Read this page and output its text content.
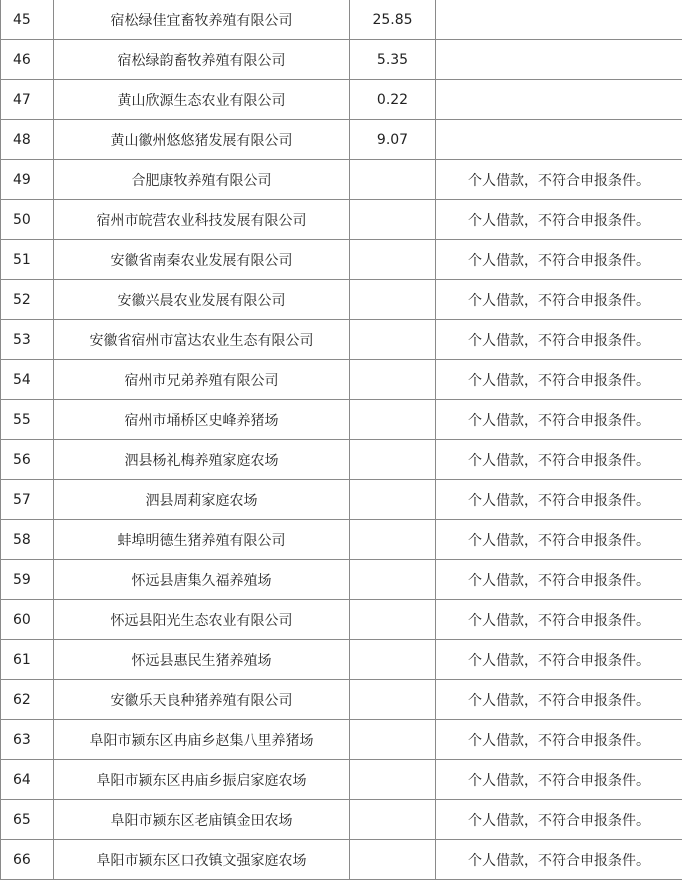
45	宿松绿佳宜畜牧养殖有限公司	25.85	
46	宿松绿韵畜牧养殖有限公司	5.35	
47	黄山欣源生态农业有限公司	0.22	
48	黄山徽州悠悠猪发展有限公司	9.07	
49	合肥康牧养殖有限公司		个人借款，不符合申报条件。
50	宿州市皖营农业科技发展有限公司		个人借款，不符合申报条件。
51	安徽省南秦农业发展有限公司		个人借款，不符合申报条件。
52	安徽兴晨农业发展有限公司		个人借款，不符合申报条件。
53	安徽省宿州市富达农业生态有限公司		个人借款，不符合申报条件。
54	宿州市兄弟养殖有限公司		个人借款，不符合申报条件。
55	宿州市埇桥区史峰养猪场		个人借款，不符合申报条件。
56	泗县杨礼梅养殖家庭农场		个人借款，不符合申报条件。
57	泗县周莉家庭农场		个人借款，不符合申报条件。
58	蚌埠明德生猪养殖有限公司		个人借款，不符合申报条件。
59	怀远县唐集久福养殖场		个人借款，不符合申报条件。
60	怀远县阳光生态农业有限公司		个人借款，不符合申报条件。
61	怀远县惠民生猪养殖场		个人借款，不符合申报条件。
62	安徽乐天良种猪养殖有限公司		个人借款，不符合申报条件。
63	阜阳市颍东区冉庙乡赵集八里养猪场		个人借款，不符合申报条件。
64	阜阳市颍东区冉庙乡振启家庭农场		个人借款，不符合申报条件。
65	阜阳市颍东区老庙镇金田农场		个人借款，不符合申报条件。
66	阜阳市颍东区口孜镇文强家庭农场		个人借款，不符合申报条件。
